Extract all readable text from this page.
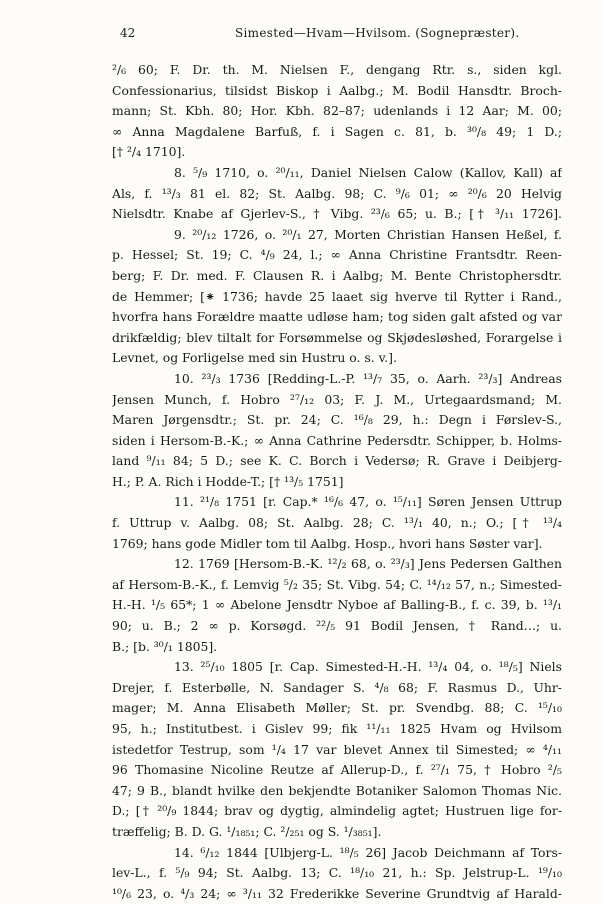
42	Simested—Hvam—Hvilsom. (Sognepræster).
²/₆ 60; F. Dr. th. M. Nielsen F., dengang Rtr. s., siden kgl.
Confessionarius, tilsidst Biskop i Aalbg.; M. Bodil Hansdtr. Broch-
mann; St. Kbh. 80; Hor. Kbh. 82–87; udenlands i 12 Aar; M. 00;
∞ Anna Magdalene Barfuß, f. i Sagen c. 81, b. ³⁰/₈ 49; 1 D.;
[† ²/₄ 1710].
8. ⁵/₉ 1710, o. ²⁰/₁₁, Daniel Nielsen Calow (Kallov, Kall) af
Als, f. ¹³/₃ 81 el. 82; St. Aalbg. 98; C. ⁹/₆ 01; ∞ ²⁰/₆ 20 Helvig
Nielsdtr. Knabe af Gjerlev-S., † Vibg. ²³/₆ 65; u. B.; [† ³/₁₁ 1726].
9. ²⁰/₁₂ 1726, o. ²⁰/₁ 27, Morten Christian Hansen Heßel, f.
p. Hessel; St. 19; C. ⁴/₉ 24, l.; ∞ Anna Christine Frantsdtr. Reen-
berg; F. Dr. med. F. Clausen R. i Aalbg; M. Bente Christophersdtr.
de Hemmer; [⁕ 1736; havde 25 laaet sig hverve til Rytter i Rand.,
hvorfra hans Forældre maatte udløse ham; tog siden galt afsted og var
drikfældig; blev tiltalt for Forsømmelse og Skjødesløshed, Forargelse i
Levnet, og Forligelse med sin Hustru o. s. v.].
10. ²³/₃ 1736 [Redding-L.-P. ¹³/₇ 35, o. Aarh. ²³/₃] Andreas
Jensen Munch, f. Hobro ²⁷/₁₂ 03; F. J. M., Urtegaardsmand; M.
Maren Jørgensdtr.; St. pr. 24; C. ¹⁶/₈ 29, h.: Degn i Førslev-S.,
siden i Hersom-B.-K.; ∞ Anna Cathrine Pedersdtr. Schipper, b. Holms-
land ⁹/₁₁ 84; 5 D.; see K. C. Borch i Vedersø; R. Grave i Deibjerg-
H.; P. A. Rich i Hodde-T.; [† ¹³/₅ 1751]
11. ²¹/₈ 1751 [r. Cap.* ¹⁶/₆ 47, o. ¹⁵/₁₁] Søren Jensen Uttrup
f. Uttrup v. Aalbg. 08; St. Aalbg. 28; C. ¹³/₁ 40, n.; O.; [† ¹³/₄
1769; hans gode Midler tom til Aalbg. Hosp., hvori hans Søster var].
12. 1769 [Hersom-B.-K. ¹²/₂ 68, o. ²³/₃] Jens Pedersen Galthen
af Hersom-B.-K., f. Lemvig ⁵/₂ 35; St. Vibg. 54; C. ¹⁴/₁₂ 57, n.; Simested-
H.-H. ¹/₅ 65*; 1 ∞ Abelone Jensdtr Nyboe af Balling-B., f. c. 39, b. ¹³/₁
90; u. B.; 2 ∞ p. Korsøgd. ²²/₅ 91 Bodil Jensen, † Rand…; u.
B.; [b. ³⁰/₁ 1805].
13. ²⁵/₁₀ 1805 [r. Cap. Simested-H.-H. ¹³/₄ 04, o. ¹⁸/₅] Niels
Drejer, f. Esterbølle, N. Sandager S. ⁴/₈ 68; F. Rasmus D., Uhr-
mager; M. Anna Elisabeth Møller; St. pr. Svendbg. 88; C. ¹⁵/₁₀
95, h.; Institutbest. i Gislev 99; fik ¹¹/₁₁ 1825 Hvam og Hvilsom
istedetfor Testrup, som ¹/₄ 17 var blevet Annex til Simested; ∞ ⁴/₁₁
96 Thomasine Nicoline Reutze af Allerup-D., f. ²⁷/₁ 75, † Hobro ²/₅
47; 9 B., blandt hvilke den bekjendte Botaniker Salomon Thomas Nic.
D.; [† ²⁰/₉ 1844; brav og dygtig, almindelig agtet; Hustruen lige for-
træffelig; B. D. G. ¹/₁₈₅₁; C. ²/₂₅₁ og S. ¹/₃₈₅₁].
14. ⁶/₁₂ 1844 [Ulbjerg-L. ¹⁸/₅ 26] Jacob Deichmann af Tors-
lev-L., f. ⁵/₉ 94; St. Aalbg. 13; C. ¹⁸/₁₀ 21, h.: Sp. Jelstrup-L. ¹⁹/₁₀
¹⁰/₆ 23, o. ⁴/₃ 24; ∞ ³/₁₁ 32 Frederikke Severine Grundtvig af Harald-
